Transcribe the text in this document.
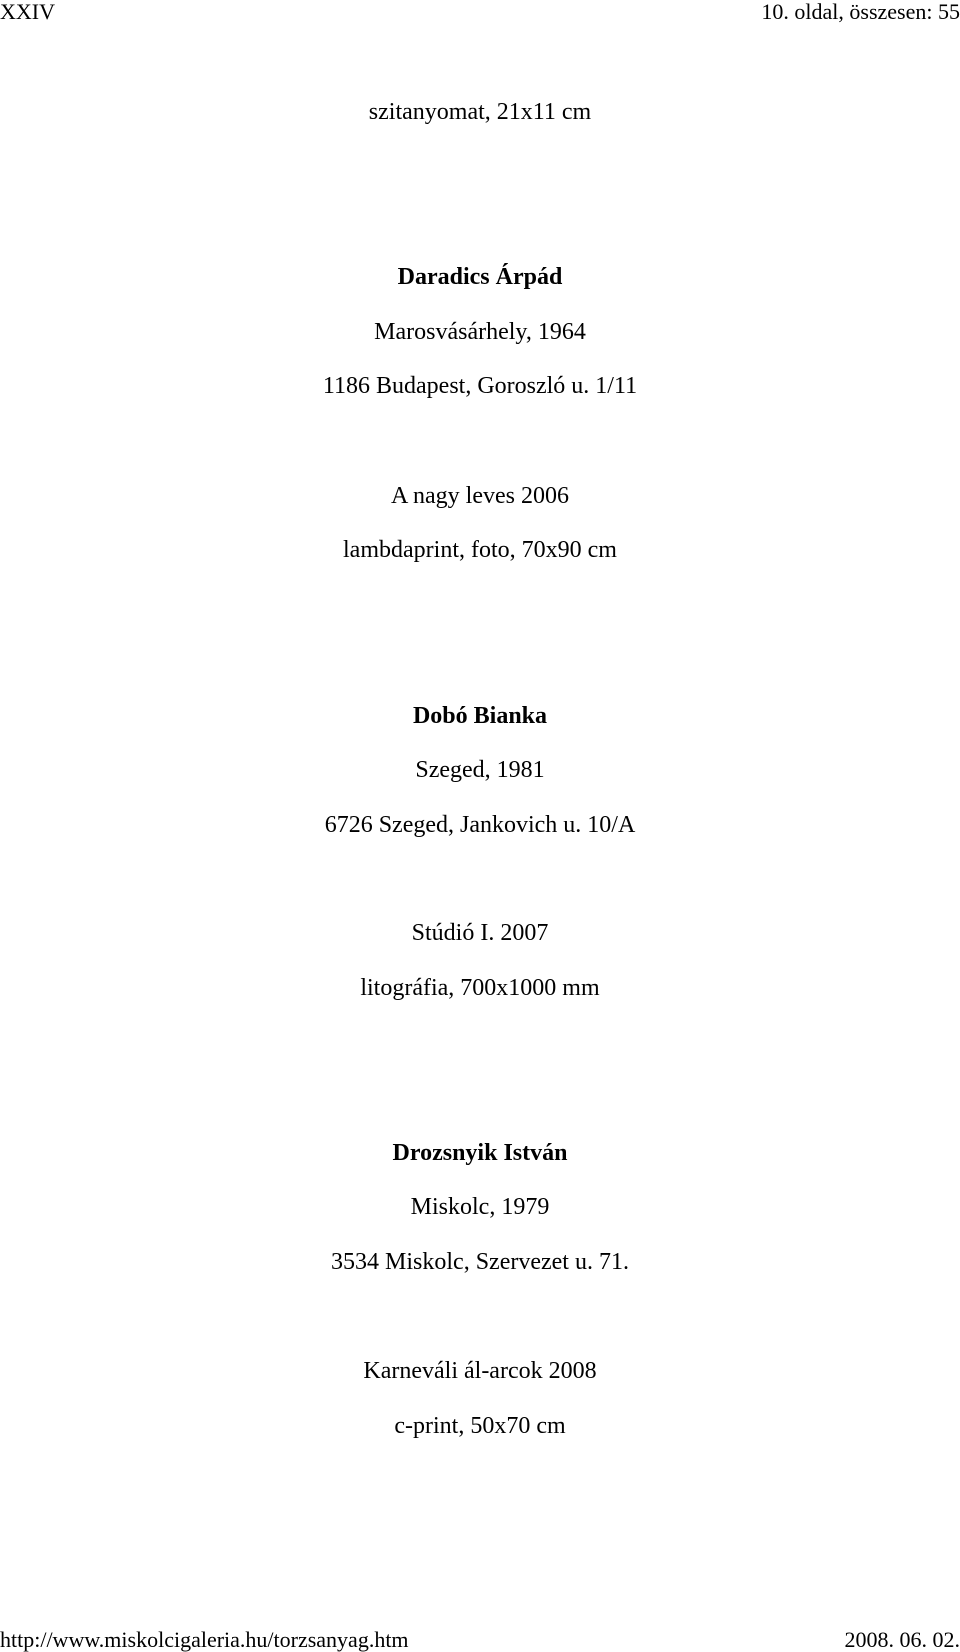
XXIV	10. oldal, összesen: 55
szitanyomat, 21x11 cm
Daradics Árpád
Marosvásárhely, 1964
1186 Budapest, Goroszló u. 1/11
A nagy leves 2006
lambdaprint, foto, 70x90 cm
Dobó Bianka
Szeged, 1981
6726 Szeged, Jankovich u. 10/A
Stúdió I. 2007
litográfia, 700x1000 mm
Drozsnyik István
Miskolc, 1979
3534 Miskolc, Szervezet u. 71.
Karneváli ál-arcok 2008
c-print, 50x70 cm
http://www.miskolcigaleria.hu/torzsanyag.htm	2008. 06. 02.
